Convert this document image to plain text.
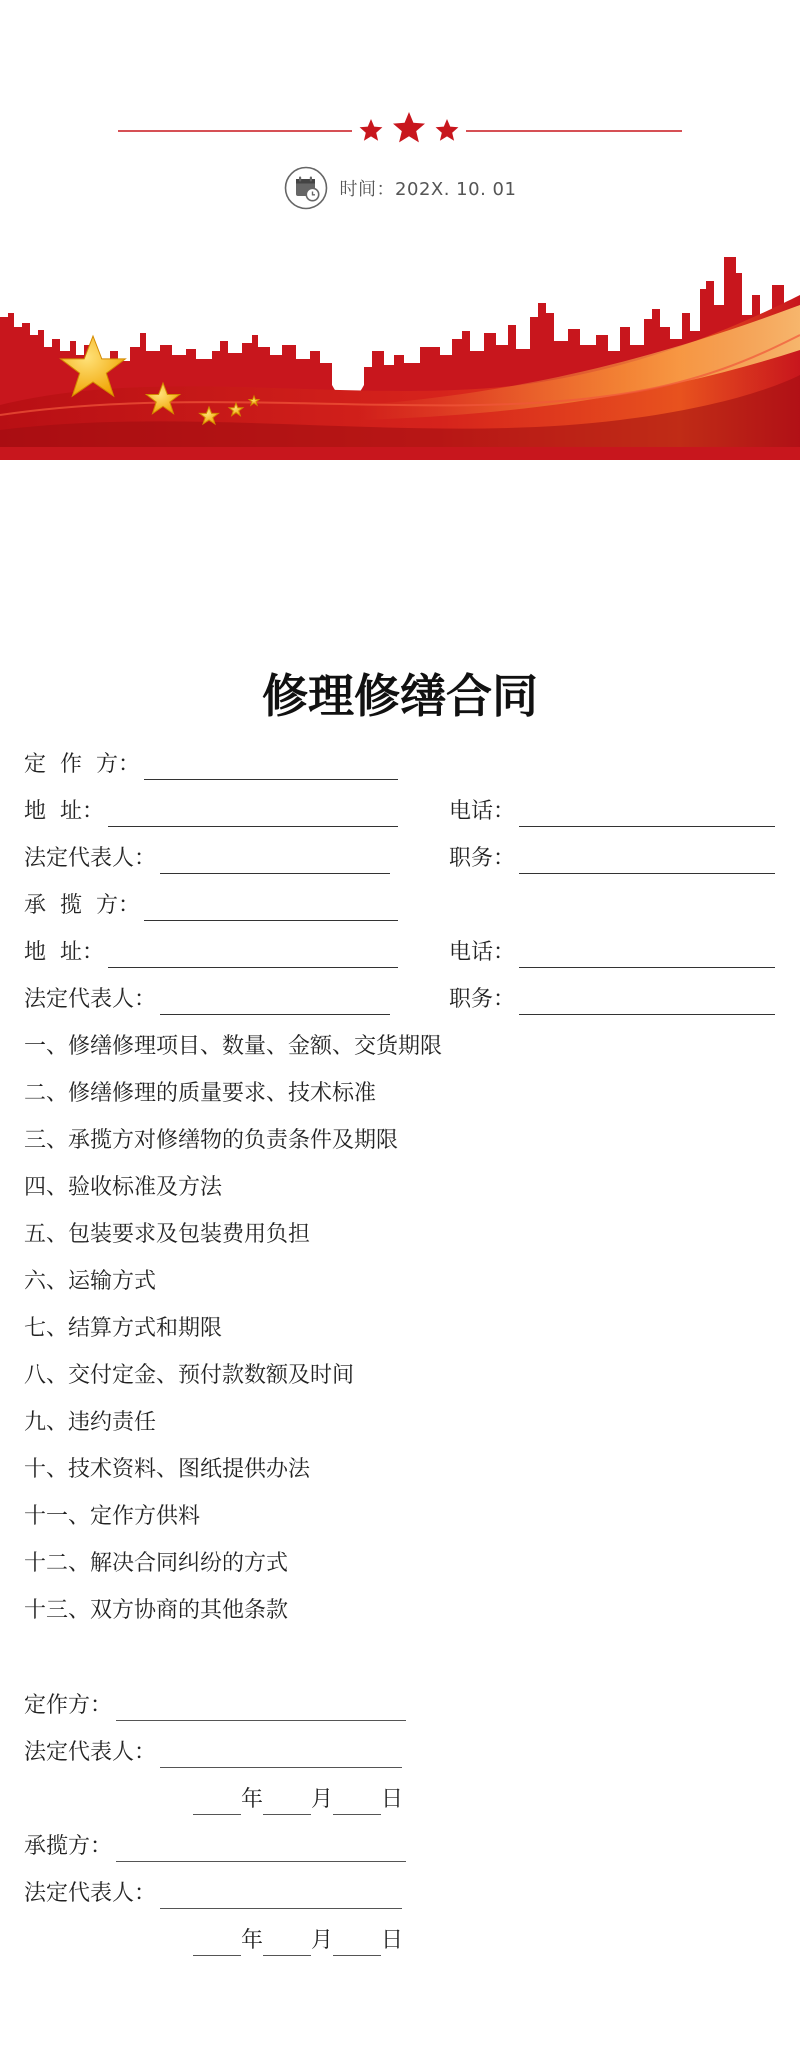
时间：202X. 10. 01
修理修缮合同
定  作  方：
地  址：	电话：
法定代表人：	职务：
承  揽  方：
地  址：	电话：
法定代表人：	职务：
一、修缮修理项目、数量、金额、交货期限
二、修缮修理的质量要求、技术标准
三、承揽方对修缮物的负责条件及期限
四、验收标准及方法
五、包装要求及包装费用负担
六、运输方式
七、结算方式和期限
八、交付定金、预付款数额及时间
九、违约责任
十、技术资料、图纸提供办法
十一、定作方供料
十二、解决合同纠纷的方式
十三、双方协商的其他条款
定作方：
法定代表人：
年 月 日
承揽方：
法定代表人：
年 月 日
